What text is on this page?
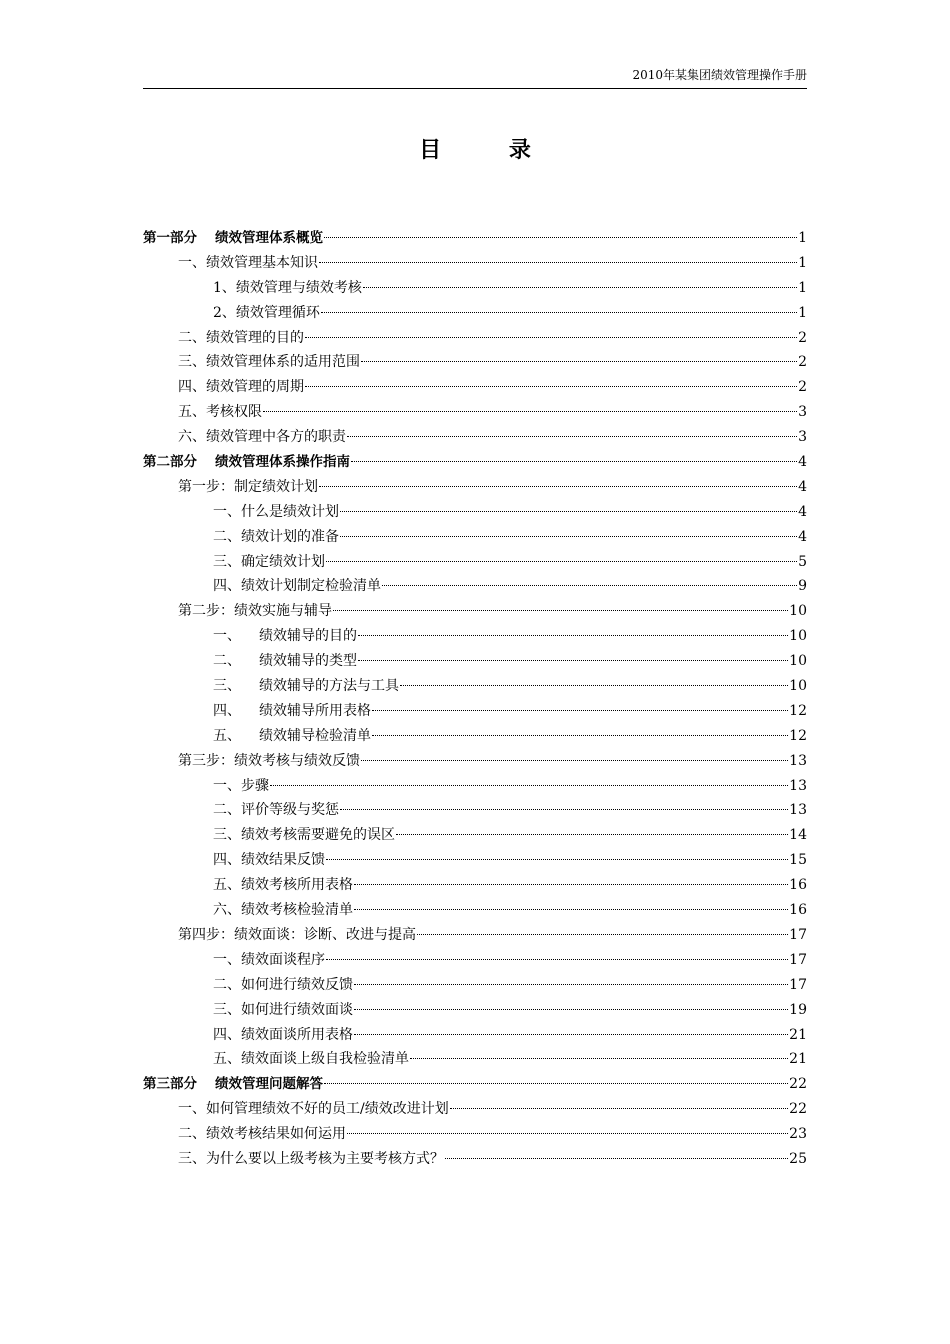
2010年某集团绩效管理操作手册
目 录
第一部分 绩效管理体系概览	1
一、绩效管理基本知识	1
1、绩效管理与绩效考核	1
2、绩效管理循环	1
二、绩效管理的目的	2
三、绩效管理体系的适用范围	2
四、绩效管理的周期	2
五、考核权限	3
六、绩效管理中各方的职责	3
第二部分 绩效管理体系操作指南	4
第一步：制定绩效计划	4
一、什么是绩效计划	4
二、绩效计划的准备	4
三、确定绩效计划	5
四、绩效计划制定检验清单	9
第二步：绩效实施与辅导	10
一、 绩效辅导的目的	10
二、 绩效辅导的类型	10
三、 绩效辅导的方法与工具	10
四、 绩效辅导所用表格	12
五、 绩效辅导检验清单	12
第三步：绩效考核与绩效反馈	13
一、步骤	13
二、评价等级与奖惩	13
三、绩效考核需要避免的误区	14
四、绩效结果反馈	15
五、绩效考核所用表格	16
六、绩效考核检验清单	16
第四步：绩效面谈：诊断、改进与提高	17
一、绩效面谈程序	17
二、如何进行绩效反馈	17
三、如何进行绩效面谈	19
四、绩效面谈所用表格	21
五、绩效面谈上级自我检验清单	21
第三部分 绩效管理问题解答	22
一、如何管理绩效不好的员工/绩效改进计划	22
二、绩效考核结果如何运用	23
三、为什么要以上级考核为主要考核方式？	25
